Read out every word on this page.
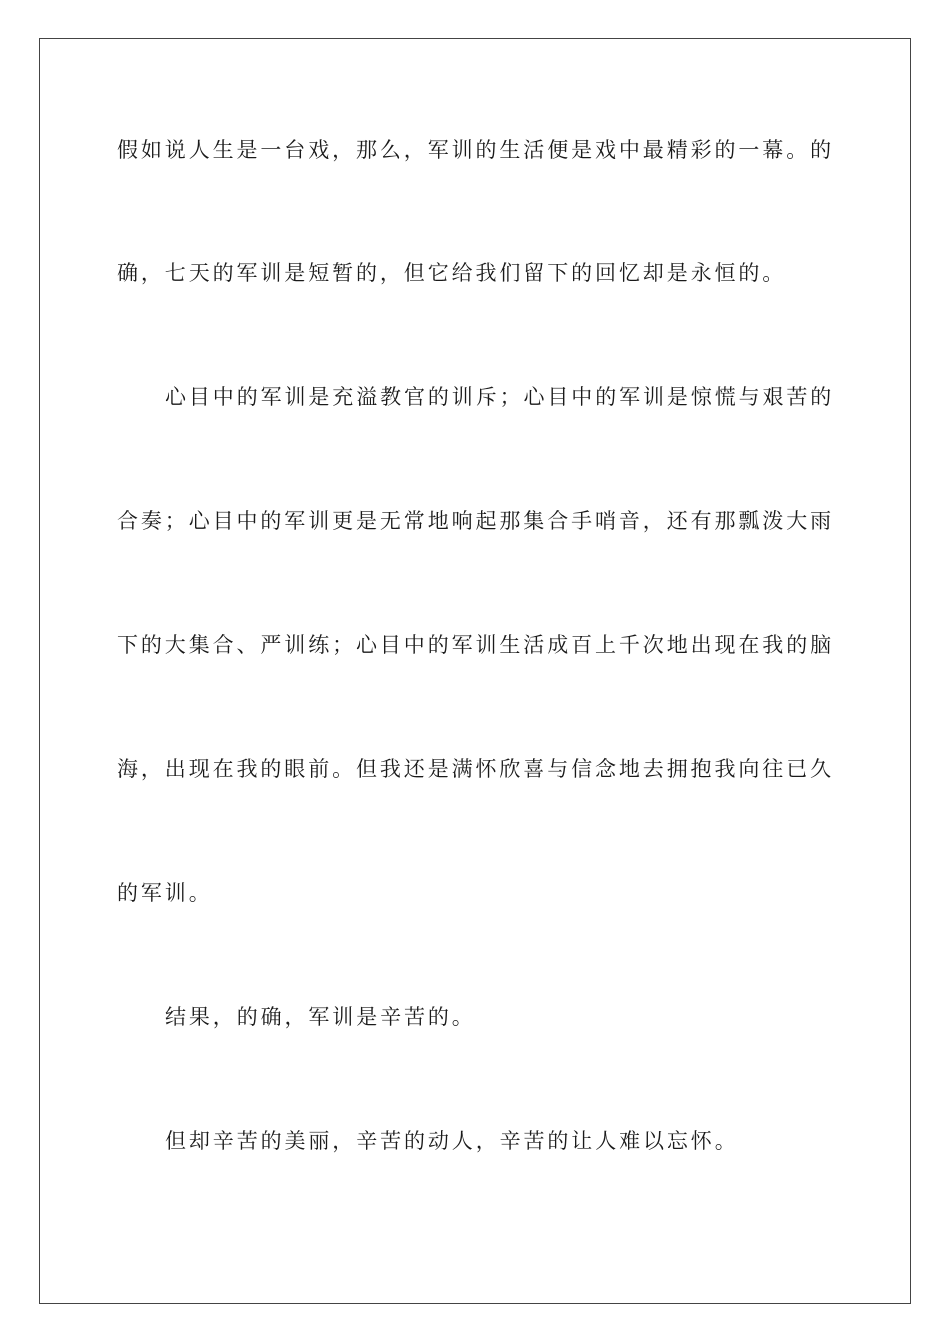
假如说人生是一台戏，那么，军训的生活便是戏中最精彩的一幕。的
确，七天的军训是短暂的，但它给我们留下的回忆却是永恒的。
心目中的军训是充溢教官的训斥；心目中的军训是惊慌与艰苦的
合奏；心目中的军训更是无常地响起那集合手哨音，还有那瓢泼大雨
下的大集合、严训练；心目中的军训生活成百上千次地出现在我的脑
海，出现在我的眼前。但我还是满怀欣喜与信念地去拥抱我向往已久
的军训。
结果，的确，军训是辛苦的。
但却辛苦的美丽，辛苦的动人，辛苦的让人难以忘怀。
